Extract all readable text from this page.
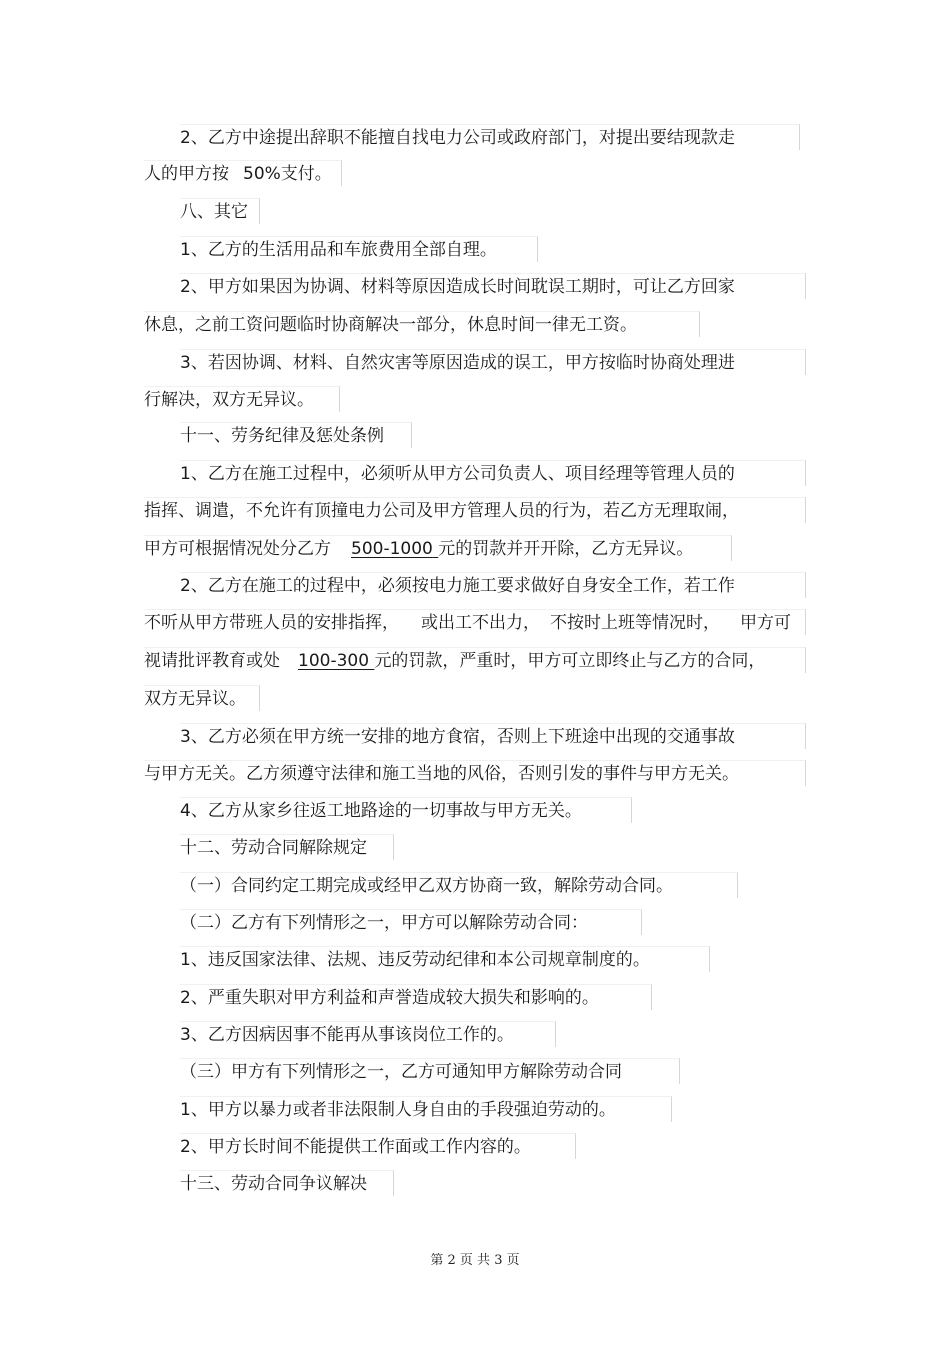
2、乙方中途提出辞职不能擅自找电力公司或政府部门，对提出要结现款走
人的甲方按 50%支付。
八、其它
1、乙方的生活用品和车旅费用全部自理。
2、甲方如果因为协调、材料等原因造成长时间耽误工期时，可让乙方回家
休息，之前工资问题临时协商解决一部分，休息时间一律无工资。
3、若因协调、材料、自然灾害等原因造成的误工，甲方按临时协商处理进
行解决，双方无异议。
十一、劳务纪律及惩处条例
1、乙方在施工过程中，必须听从甲方公司负责人、项目经理等管理人员的
指挥、调遣，不允许有顶撞电力公司及甲方管理人员的行为，若乙方无理取闹，
甲方可根据情况处分乙方 500-1000 元的罚款并开开除，乙方无异议。
2、乙方在施工的过程中，必须按电力施工要求做好自身安全工作，若工作
不听从甲方带班人员的安排指挥， 或出工不出力， 不按时上班等情况时， 甲方可
视请批评教育或处 100-300 元的罚款，严重时，甲方可立即终止与乙方的合同，
双方无异议。
3、乙方必须在甲方统一安排的地方食宿，否则上下班途中出现的交通事故
与甲方无关。乙方须遵守法律和施工当地的风俗，否则引发的事件与甲方无关。
4、乙方从家乡往返工地路途的一切事故与甲方无关。
十二、劳动合同解除规定
（一）合同约定工期完成或经甲乙双方协商一致，解除劳动合同。
（二）乙方有下列情形之一，甲方可以解除劳动合同：
1、违反国家法律、法规、违反劳动纪律和本公司规章制度的。
2、严重失职对甲方利益和声誉造成较大损失和影响的。
3、乙方因病因事不能再从事该岗位工作的。
（三）甲方有下列情形之一，乙方可通知甲方解除劳动合同
1、甲方以暴力或者非法限制人身自由的手段强迫劳动的。
2、甲方长时间不能提供工作面或工作内容的。
十三、劳动合同争议解决
第 2 页 共 3 页
